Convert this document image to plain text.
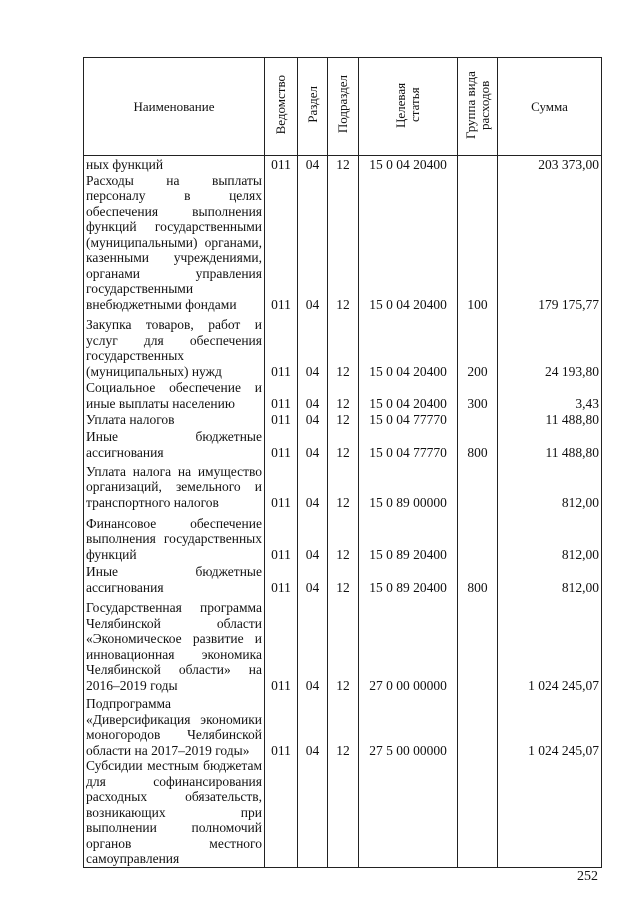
Наименование	Ведомство	Раздел	Подраздел	Целевая статья	Группа вида расходов	Сумма
ных функций	011	04	12	15 0 04 20400		203 373,00
Расходы на выплаты персоналу в целях обеспечения выполнения функций государственными (муниципальными) органами, казенными учреждениями, органами управления государственными внебюджетными фондами	011	04	12	15 0 04 20400	100	179 175,77
Закупка товаров, работ и услуг для обеспечения государственных (муниципальных) нужд	011	04	12	15 0 04 20400	200	24 193,80
Социальное обеспечение и иные выплаты населению	011	04	12	15 0 04 20400	300	3,43
Уплата налогов	011	04	12	15 0 04 77770		11 488,80
Иные бюджетные ассигнования	011	04	12	15 0 04 77770	800	11 488,80
Уплата налога на имущество организаций, земельного и транспортного налогов	011	04	12	15 0 89 00000		812,00
Финансовое обеспечение выполнения государственных функций	011	04	12	15 0 89 20400		812,00
Иные бюджетные ассигнования	011	04	12	15 0 89 20400	800	812,00
Государственная программа Челябинской области «Экономическое развитие и инновационная экономика Челябинской области» на 2016–2019 годы	011	04	12	27 0 00 00000		1 024 245,07
Подпрограмма «Диверсификация экономики моногородов Челябинской области на 2017–2019 годы»	011	04	12	27 5 00 00000		1 024 245,07
Субсидии местным бюджетам для софинансирования расходных обязательств, возникающих при выполнении полномочий органов местного самоуправления						
252
